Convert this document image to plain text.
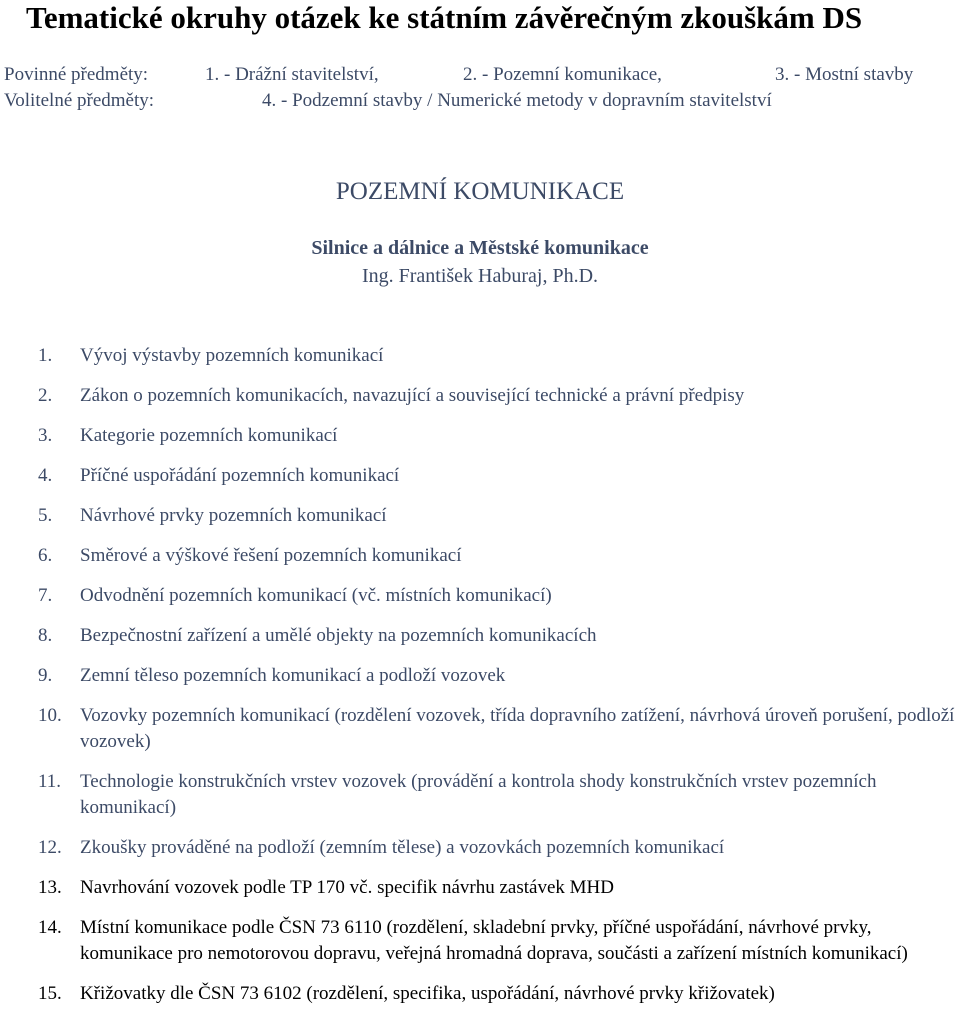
Tematické okruhy otázek ke státním závěrečným zkouškám DS
Povinné předměty:	1. - Drážní stavitelství,	2. - Pozemní komunikace,	3. - Mostní stavby
Volitelné předměty:	4. - Podzemní stavby / Numerické metody v dopravním stavitelství
POZEMNÍ KOMUNIKACE
Silnice a dálnice a Městské komunikace
Ing. František Haburaj, Ph.D.
1. Vývoj výstavby pozemních komunikací
2. Zákon o pozemních komunikacích, navazující a související technické a právní předpisy
3. Kategorie pozemních komunikací
4. Příčné uspořádání pozemních komunikací
5. Návrhové prvky pozemních komunikací
6. Směrové a výškové řešení pozemních komunikací
7. Odvodnění pozemních komunikací (vč. místních komunikací)
8. Bezpečnostní zařízení a umělé objekty na pozemních komunikacích
9. Zemní těleso pozemních komunikací a podloží vozovek
10. Vozovky pozemních komunikací (rozdělení vozovek, třída dopravního zatížení, návrhová úroveň porušení, podloží vozovek)
11. Technologie konstrukčních vrstev vozovek (provádění a kontrola shody konstrukčních vrstev pozemních komunikací)
12. Zkoušky prováděné na podloží (zemním tělese) a vozovkách pozemních komunikací
13. Navrhování vozovek podle TP 170 vč. specifik návrhu zastávek MHD
14. Místní komunikace podle ČSN 73 6110 (rozdělení, skladební prvky, příčné uspořádání, návrhové prvky, komunikace pro nemotorovou dopravu, veřejná hromadná doprava, součásti a zařízení místních komunikací)
15. Křižovatky dle ČSN 73 6102 (rozdělení, specifika, uspořádání, návrhové prvky křižovatek)
